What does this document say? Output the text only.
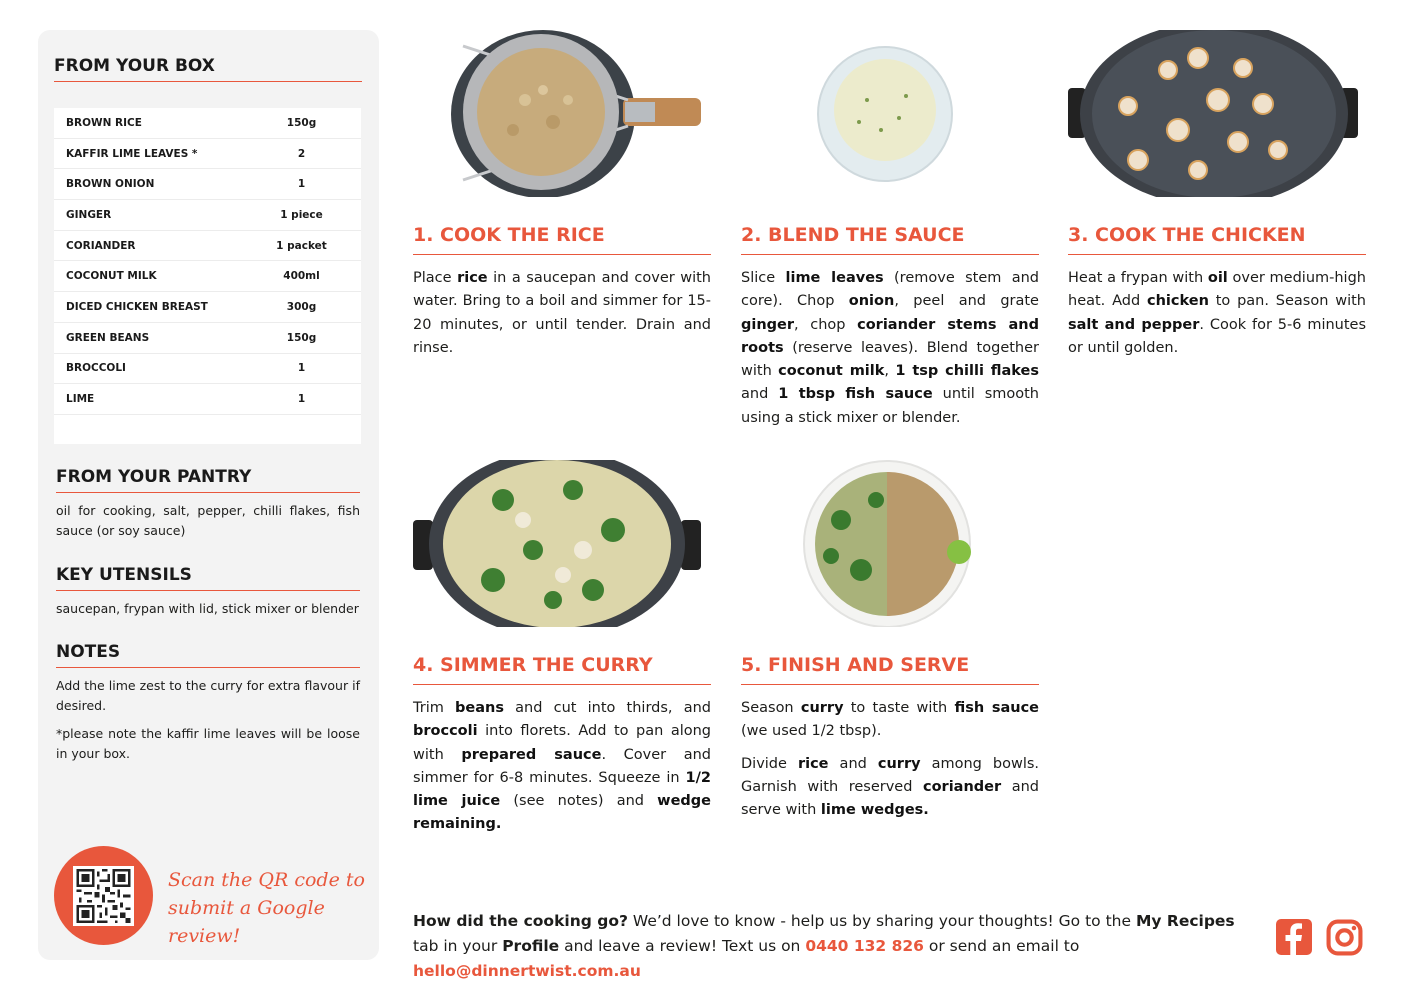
FROM YOUR BOX
BROWN RICE	150g
KAFFIR LIME LEAVES *	2
BROWN ONION	1
GINGER	1 piece
CORIANDER	1 packet
COCONUT MILK	400ml
DICED CHICKEN BREAST	300g
GREEN BEANS	150g
BROCCOLI	1
LIME	1
FROM YOUR PANTRY
oil for cooking, salt, pepper, chilli flakes, fish sauce (or soy sauce)
KEY UTENSILS
saucepan, frypan with lid, stick mixer or blender
NOTES
Add the lime zest to the curry for extra flavour if desired.
*please note the kaffir lime leaves will be loose in your box.
Scan the QR code to
submit a Google review!
1. COOK THE RICE

Place rice in a saucepan and cover with water. Bring to a boil and simmer for 15-20 minutes, or until tender. Drain and rinse.

2. BLEND THE SAUCE

Slice lime leaves (remove stem and core). Chop onion, peel and grate ginger, chop coriander stems and roots (reserve leaves). Blend together with coconut milk, 1 tsp chilli flakes and 1 tbsp fish sauce until smooth using a stick mixer or blender.

3. COOK THE CHICKEN

Heat a frypan with oil over medium-high heat. Add chicken to pan. Season with salt and pepper. Cook for 5-6 minutes or until golden.

4. SIMMER THE CURRY

Trim beans and cut into thirds, and broccoli into florets. Add to pan along with prepared sauce. Cover and simmer for 6-8 minutes. Squeeze in 1/2 lime juice (see notes) and wedge remaining.

5. FINISH AND SERVE

Season curry to taste with fish sauce (we used 1/2 tbsp).

Divide rice and curry among bowls. Garnish with reserved coriander and serve with lime wedges.

How did the cooking go? We’d love to know - help us by sharing your thoughts! Go to the My Recipes tab in your Profile and leave a review! Text us on 0440 132 826 or send an email to hello@dinnertwist.com.au
